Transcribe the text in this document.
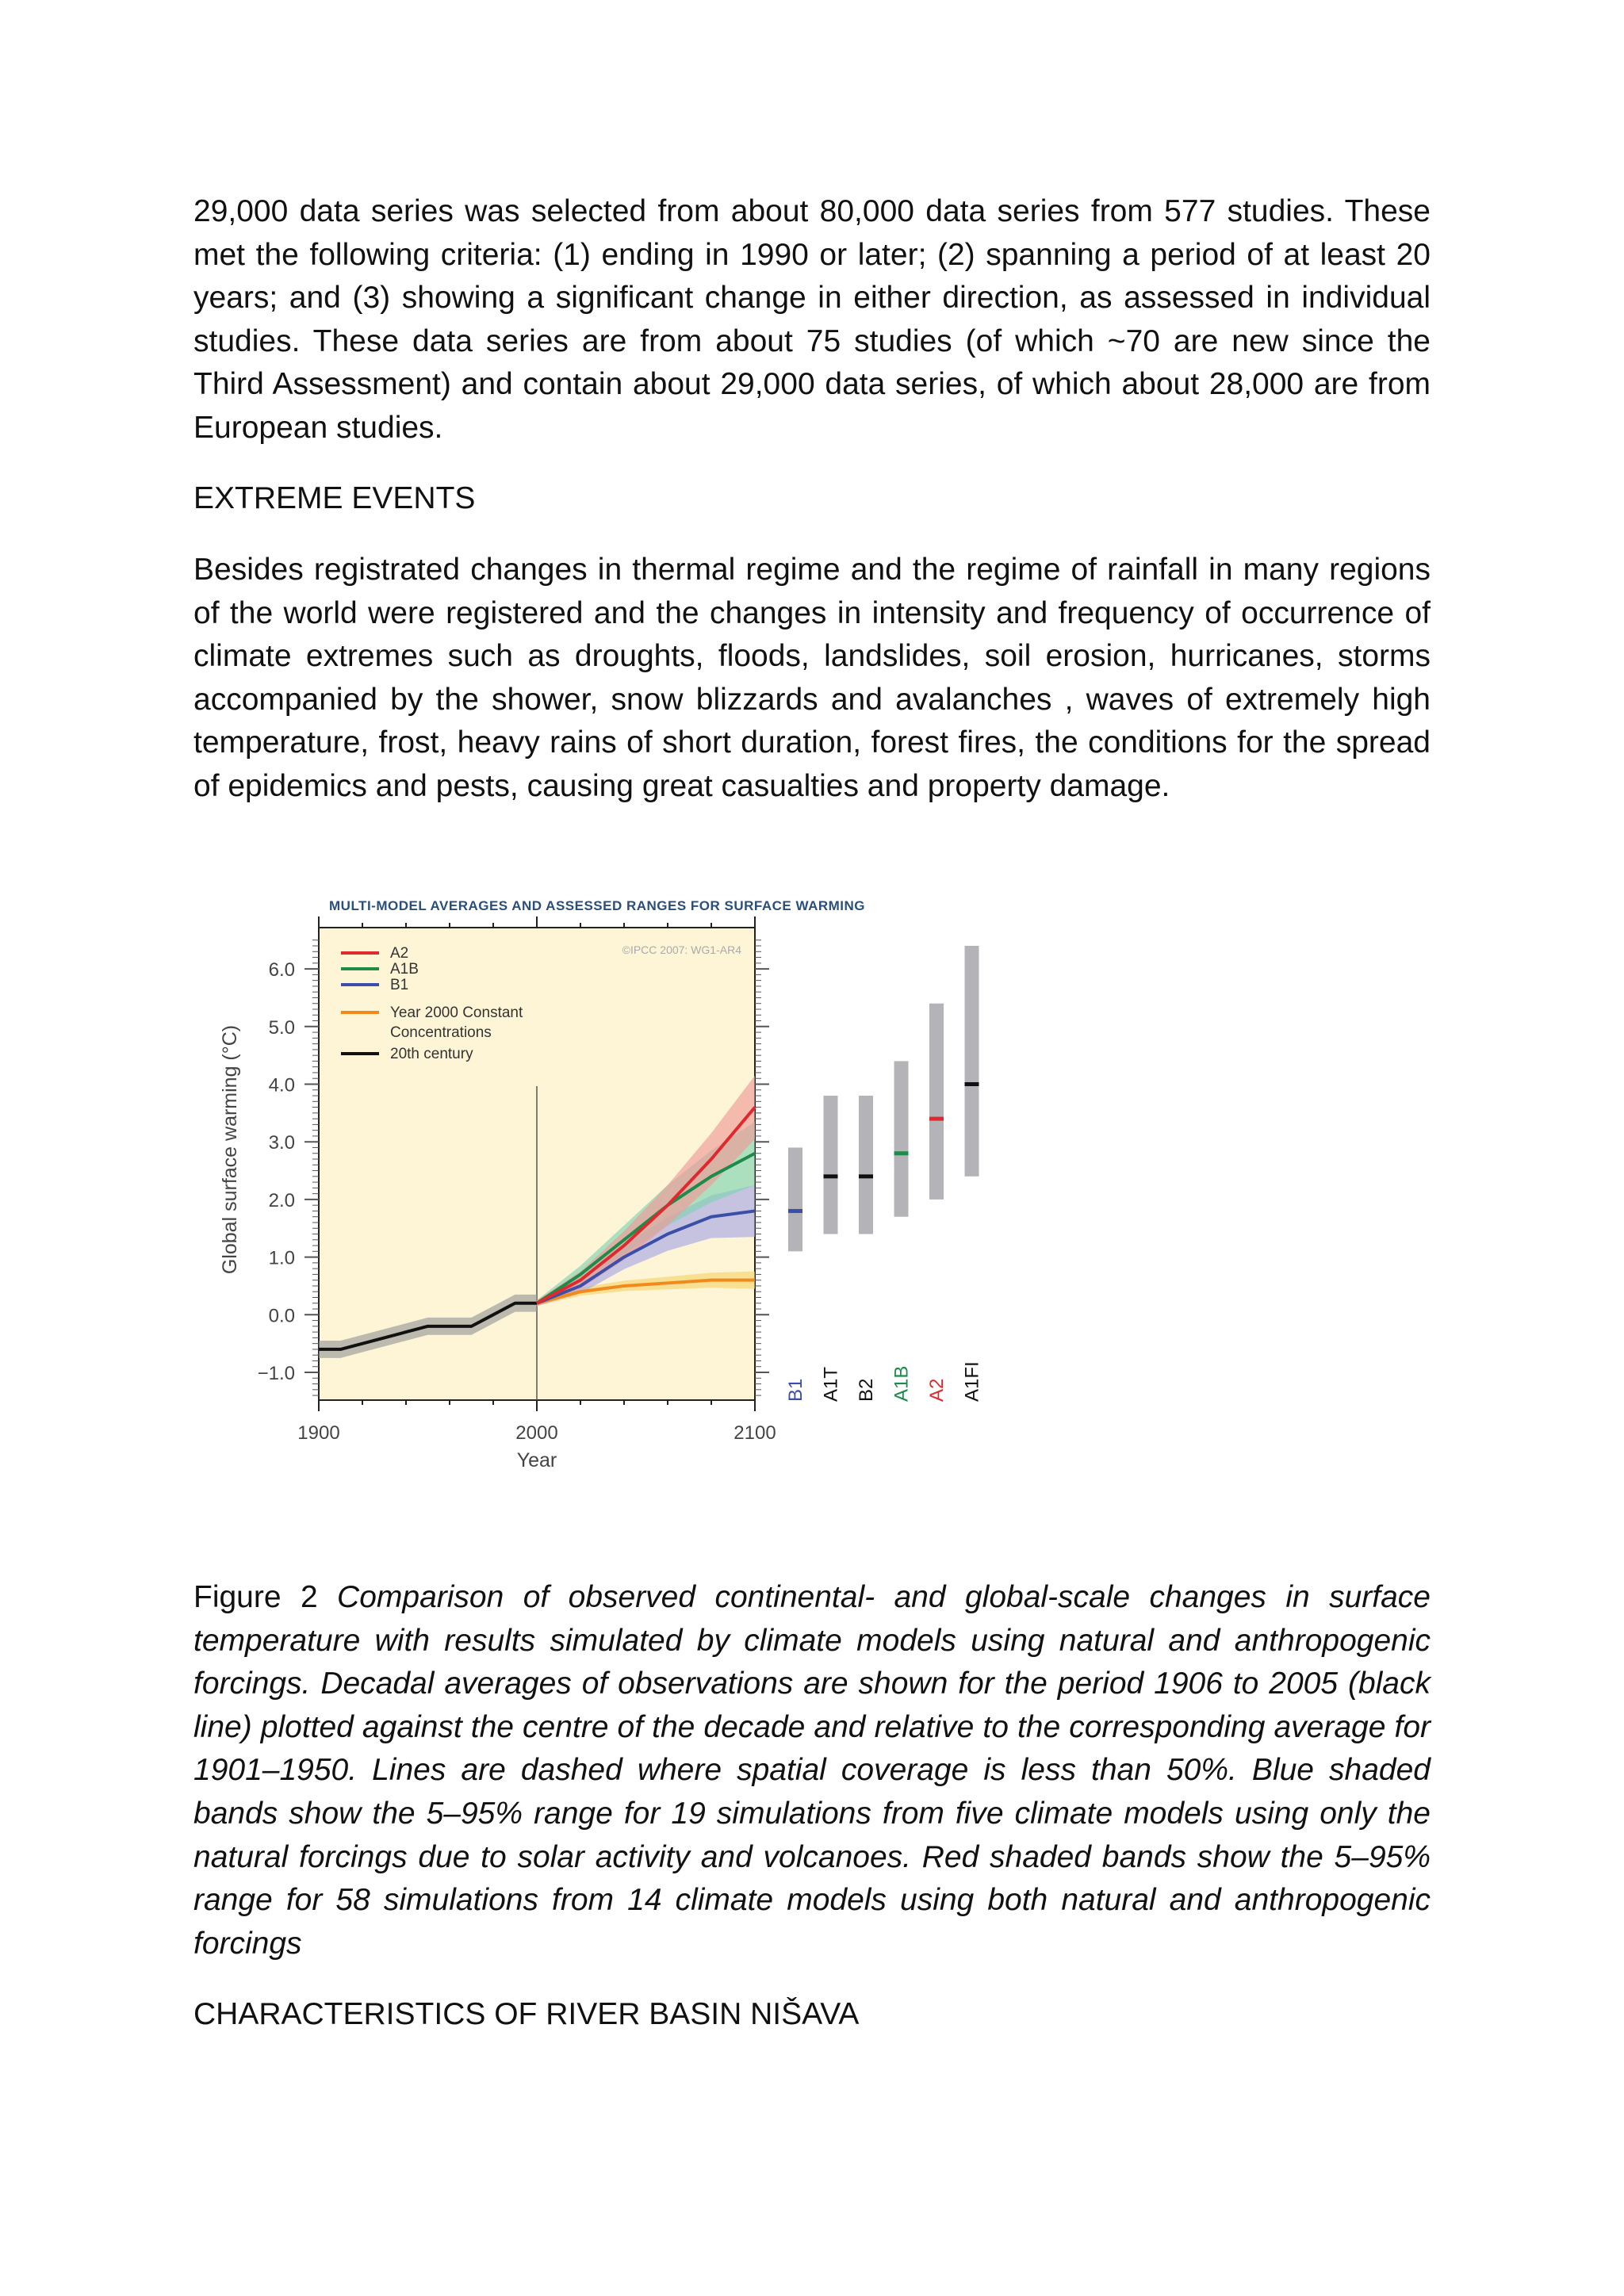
29,000 data series was selected from about 80,000 data series from 577 studies. These met the following criteria: (1) ending in 1990 or later; (2) spanning a period of at least 20 years; and (3) showing a significant change in either direction, as assessed in individual studies. These data series are from about 75 studies (of which ~70 are new since the Third Assessment) and contain about 29,000 data series, of which about 28,000 are from European studies.

EXTREME EVENTS

Besides registrated changes in thermal regime and the regime of rainfall in many regions of the world were registered and the changes in intensity and frequency of occurrence of climate extremes such as droughts, floods, landslides, soil erosion, hurricanes, storms accompanied by the shower, snow blizzards and avalanches , waves of extremely high temperature, frost, heavy rains of short duration, forest fires, the conditions for the spread of epidemics and pests, causing great casualties and property damage.

MULTI-MODEL AVERAGES AND ASSESSED RANGES FOR SURFACE WARMING
6.0
5.0
4.0
3.0
2.0
1.0
0.0
−1.0
1900	2000	2100
Year
Global surface warming (°C)
©IPCC 2007: WG1-AR4
A2
A1B
B1
Year 2000 Constant
Concentrations
20th century
B1 A1T B2 A1B A2 A1FI

Figure 2 Comparison of observed continental- and global-scale changes in surface temperature with results simulated by climate models using natural and anthropogenic forcings. Decadal averages of observations are shown for the period 1906 to 2005 (black line) plotted against the centre of the decade and relative to the corresponding average for 1901–1950. Lines are dashed where spatial coverage is less than 50%. Blue shaded bands show the 5–95% range for 19 simulations from five climate models using only the natural forcings due to solar activity and volcanoes. Red shaded bands show the 5–95% range for 58 simulations from 14 climate models using both natural and anthropogenic forcings

CHARACTERISTICS OF RIVER BASIN NIŠAVA
